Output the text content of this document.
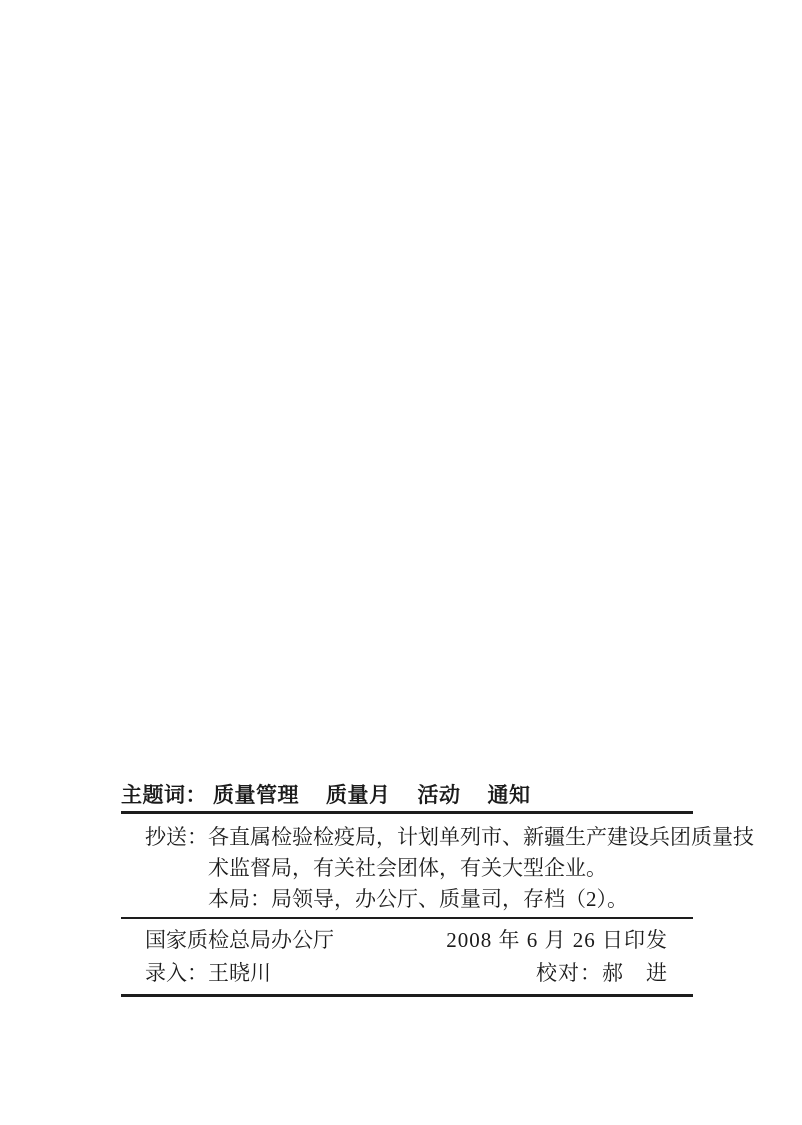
主题词： 质量管理 质量月 活动 通知
抄送： 各直属检验检疫局，计划单列市、新疆生产建设兵团质量技
术监督局，有关社会团体，有关大型企业。
本局：局领导，办公厅、质量司，存档（2）。
国家质检总局办公厅	2008 年 6 月 26 日印发
录入：王晓川	校对：郝　进
